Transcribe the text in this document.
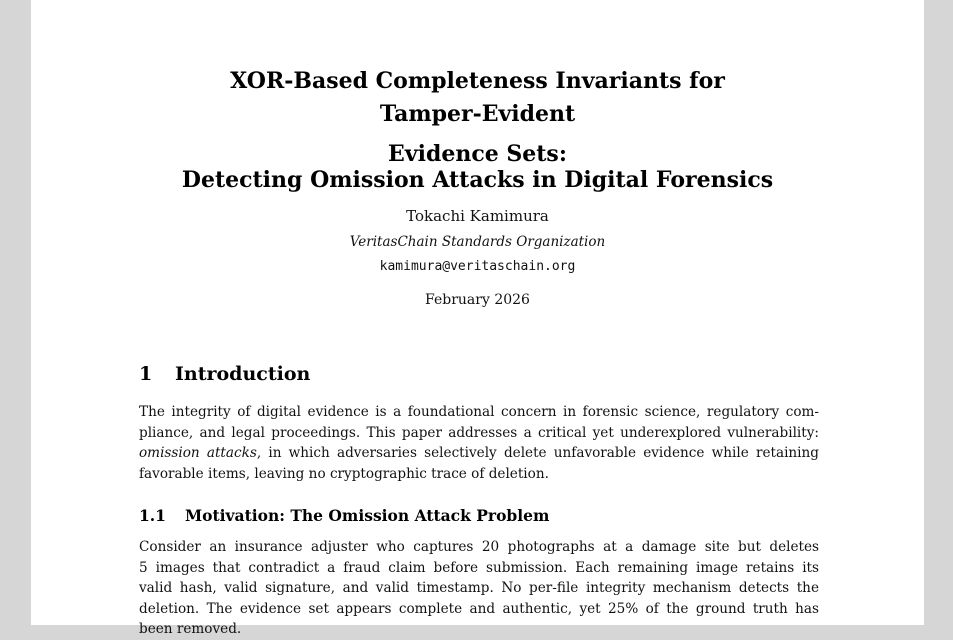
XOR-Based Completeness Invariants for
Tamper-Evident
Evidence Sets:
Detecting Omission Attacks in Digital Forensics
Tokachi Kamimura
VeritasChain Standards Organization
kamimura@veritaschain.org
February 2026
1 Introduction
The integrity of digital evidence is a foundational concern in forensic science, regulatory com-
pliance, and legal proceedings. This paper addresses a critical yet underexplored vulnerability:
omission attacks, in which adversaries selectively delete unfavorable evidence while retaining
favorable items, leaving no cryptographic trace of deletion.
1.1 Motivation: The Omission Attack Problem
Consider an insurance adjuster who captures 20 photographs at a damage site but deletes
5 images that contradict a fraud claim before submission. Each remaining image retains its
valid hash, valid signature, and valid timestamp. No per-file integrity mechanism detects the
deletion. The evidence set appears complete and authentic, yet 25% of the ground truth has
been removed.
